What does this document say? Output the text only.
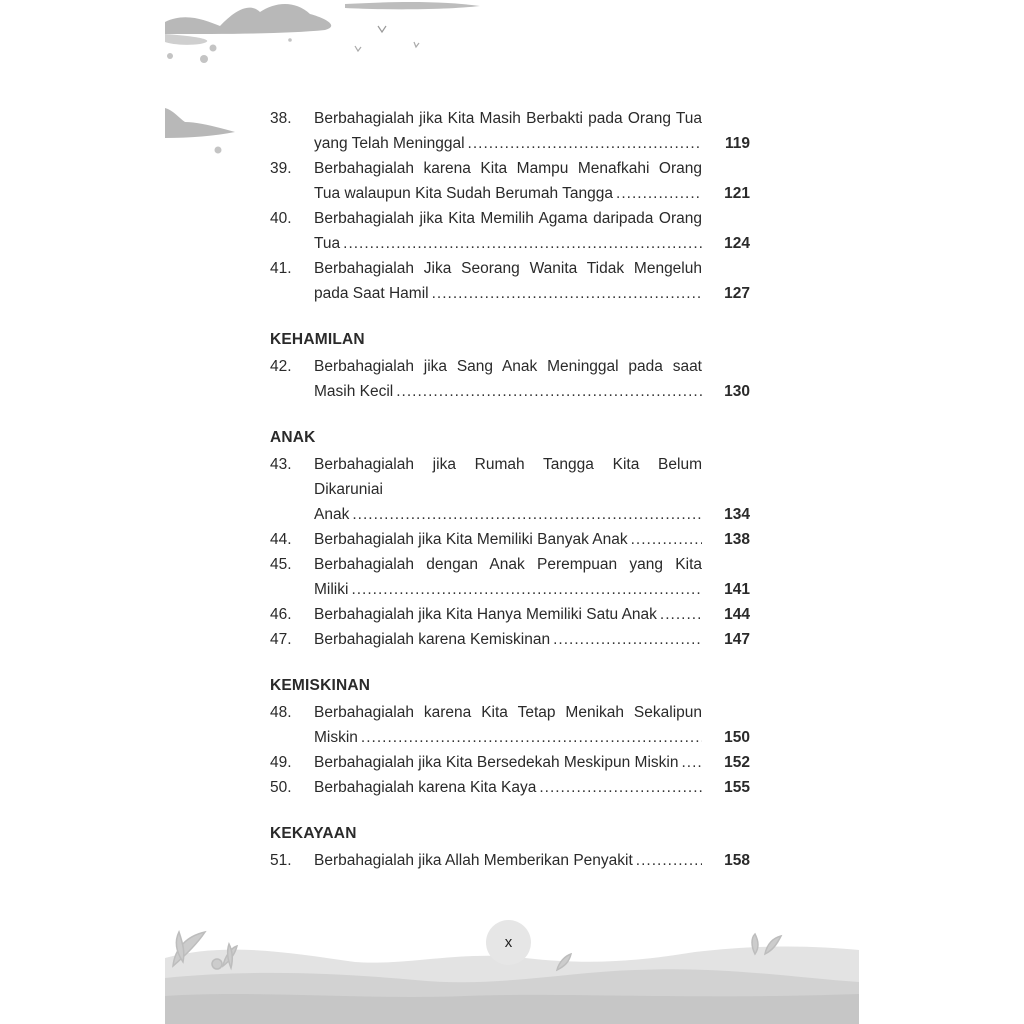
38. Berbahagialah jika Kita Masih Berbakti pada Orang Tua
yang Telah Meninggal .....	119
39. Berbahagialah karena Kita Mampu Menafkahi Orang
Tua walaupun Kita Sudah Berumah Tangga .....	121
40. Berbahagialah jika Kita Memilih Agama daripada Orang
Tua .....	124
41. Berbahagialah Jika Seorang Wanita Tidak Mengeluh
pada Saat Hamil .....	127
KEHAMILAN
42. Berbahagialah jika Sang Anak Meninggal pada saat
Masih Kecil .....	130
ANAK
43. Berbahagialah jika Rumah Tangga Kita Belum Dikaruniai
Anak .....	134
44. Berbahagialah jika Kita Memiliki Banyak Anak .....	138
45. Berbahagialah dengan Anak Perempuan yang Kita
Miliki .....	141
46. Berbahagialah jika Kita Hanya Memiliki Satu Anak .....	144
47. Berbahagialah karena Kemiskinan .....	147
KEMISKINAN
48. Berbahagialah karena Kita Tetap Menikah Sekalipun
Miskin .....	150
49. Berbahagialah jika Kita Bersedekah Meskipun Miskin .....	152
50. Berbahagialah karena Kita Kaya .....	155
KEKAYAAN
51. Berbahagialah jika Allah Memberikan Penyakit .....	158
x
